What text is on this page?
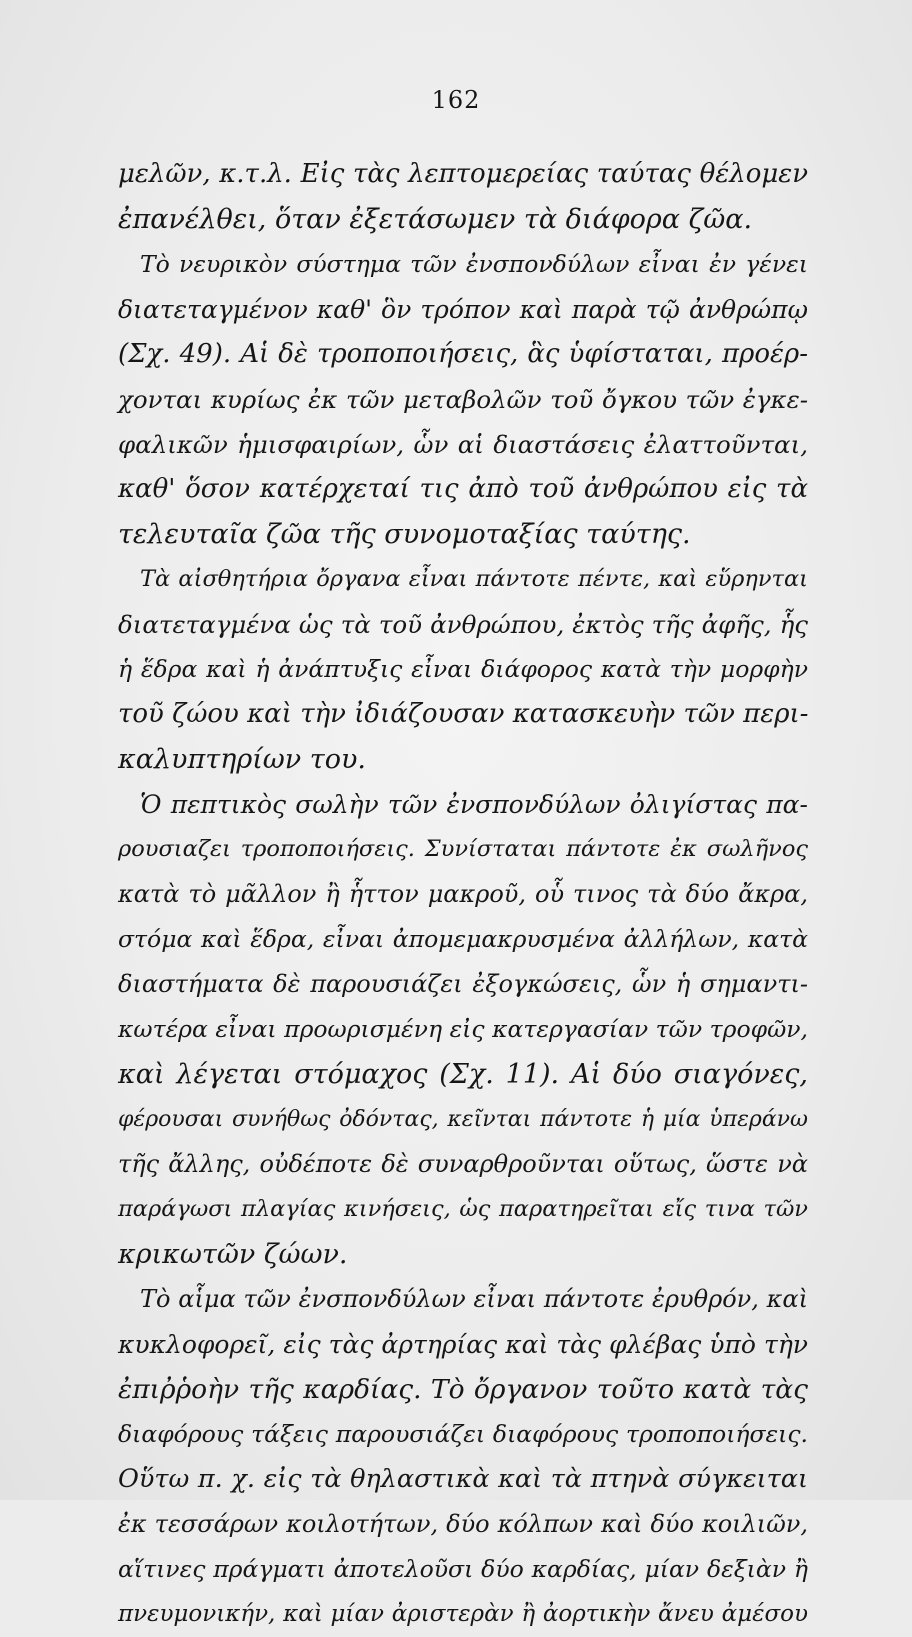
162
μελῶν, κ.τ.λ. Εἰς τὰς λεπτομερείας ταύτας θέλομεν
ἐπανέλθει, ὅταν ἐξετάσωμεν τὰ διάφορα ζῶα.
Τὸ νευρικὸν σύστημα τῶν ἐνσπονδύλων εἶναι ἐν γένει
διατεταγμένον καθ' ὃν τρόπον καὶ παρὰ τῷ ἀνθρώπῳ
(Σχ. 49). Αἱ δὲ τροποποιήσεις, ἃς ὑφίσταται, προέρ-
χονται κυρίως ἐκ τῶν μεταβολῶν τοῦ ὄγκου τῶν ἐγκε-
φαλικῶν ἡμισφαιρίων, ὧν αἱ διαστάσεις ἐλαττοῦνται,
καθ' ὅσον κατέρχεταί τις ἀπὸ τοῦ ἀνθρώπου εἰς τὰ
τελευταῖα ζῶα τῆς συνομοταξίας ταύτης.
Τὰ αἰσθητήρια ὄργανα εἶναι πάντοτε πέντε, καὶ εὕρηνται
διατεταγμένα ὡς τὰ τοῦ ἀνθρώπου, ἐκτὸς τῆς ἀφῆς, ἧς
ἡ ἕδρα καὶ ἡ ἀνάπτυξις εἶναι διάφορος κατὰ τὴν μορφὴν
τοῦ ζώου καὶ τὴν ἰδιάζουσαν κατασκευὴν τῶν περι-
καλυπτηρίων του.
Ὁ πεπτικὸς σωλὴν τῶν ἐνσπονδύλων ὀλιγίστας πα-
ρουσιαζει τροποποιήσεις. Συνίσταται πάντοτε ἐκ σωλῆνος
κατὰ τὸ μᾶλλον ἢ ἧττον μακροῦ, οὗ τινος τὰ δύο ἄκρα,
στόμα καὶ ἕδρα, εἶναι ἀπομεμακρυσμένα ἀλλήλων, κατὰ
διαστήματα δὲ παρουσιάζει ἐξογκώσεις, ὧν ἡ σημαντι-
κωτέρα εἶναι προωρισμένη εἰς κατεργασίαν τῶν τροφῶν,
καὶ λέγεται στόμαχος (Σχ. 11). Αἱ δύο σιαγόνες,
φέρουσαι συνήθως ὀδόντας, κεῖνται πάντοτε ἡ μία ὑπεράνω
τῆς ἄλλης, οὐδέποτε δὲ συναρθροῦνται οὕτως, ὥστε νὰ
παράγωσι πλαγίας κινήσεις, ὡς παρατηρεῖται εἴς τινα τῶν
κρικωτῶν ζώων.
Τὸ αἷμα τῶν ἐνσπονδύλων εἶναι πάντοτε ἐρυθρόν, καὶ
κυκλοφορεῖ, εἰς τὰς ἀρτηρίας καὶ τὰς φλέβας ὑπὸ τὴν
ἐπιῤῥοὴν τῆς καρδίας. Τὸ ὄργανον τοῦτο κατὰ τὰς
διαφόρους τάξεις παρουσιάζει διαφόρους τροποποιήσεις.
Οὕτω π. χ. εἰς τὰ θηλαστικὰ καὶ τὰ πτηνὰ σύγκειται
ἐκ τεσσάρων κοιλοτήτων, δύο κόλπων καὶ δύο κοιλιῶν,
αἵτινες πράγματι ἀποτελοῦσι δύο καρδίας, μίαν δεξιὰν ἢ
πνευμονικήν, καὶ μίαν ἀριστερὰν ἢ ἀορτικὴν ἄνευ ἀμέσου
